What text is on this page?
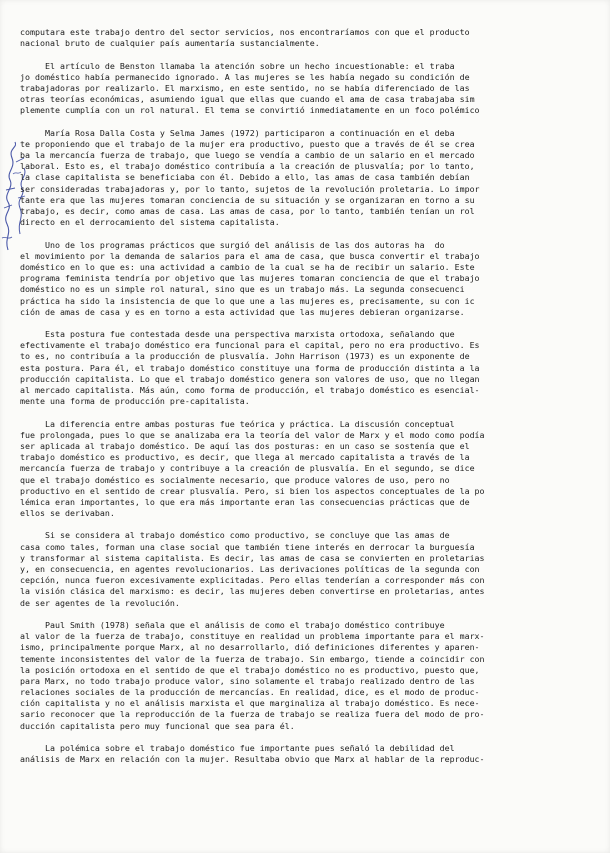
computara este trabajo dentro del sector servicios, nos encontraríamos con que el producto
nacional bruto de cualquier país aumentaría sustancialmente.
El artículo de Benston llamaba la atención sobre un hecho incuestionable: el traba
jo doméstico había permanecido ignorado. A las mujeres se les había negado su condición de
trabajadoras por realizarlo. El marxismo, en este sentido, no se había diferenciado de las
otras teorías económicas, asumiendo igual que ellas que cuando el ama de casa trabajaba sim
plemente cumplía con un rol natural. El tema se convirtió inmediatamente en un foco polémico
María Rosa Dalla Costa y Selma James (1972) participaron a continuación en el deba
te proponiendo que el trabajo de la mujer era productivo, puesto que a través de él se crea
ba la mercancía fuerza de trabajo, que luego se vendía a cambio de un salario en el mercado
laboral. Esto es, el trabajo doméstico contribuía a la creación de plusvalía; por lo tanto,
la clase capitalista se beneficiaba con él. Debido a ello, las amas de casa también debían
ser consideradas trabajadoras y, por lo tanto, sujetos de la revolución proletaria. Lo impor
tante era que las mujeres tomaran conciencia de su situación y se organizaran en torno a su
trabajo, es decir, como amas de casa. Las amas de casa, por lo tanto, también tenían un rol
directo en el derrocamiento del sistema capitalista.
Uno de los programas prácticos que surgió del análisis de las dos autoras ha  do
el movimiento por la demanda de salarios para el ama de casa, que busca convertir el trabajo
doméstico en lo que es: una actividad a cambio de la cual se ha de recibir un salario. Este
programa feminista tendría por objetivo que las mujeres tomaran conciencia de que el trabajo
doméstico no es un simple rol natural, sino que es un trabajo más. La segunda consecuenci
práctica ha sido la insistencia de que lo que une a las mujeres es, precisamente, su con ic
ción de amas de casa y es en torno a esta actividad que las mujeres debieran organizarse.
Esta postura fue contestada desde una perspectiva marxista ortodoxa, señalando que
efectivamente el trabajo doméstico era funcional para el capital, pero no era productivo. Es
to es, no contribuía a la producción de plusvalía. John Harrison (1973) es un exponente de
esta postura. Para él, el trabajo doméstico constituye una forma de producción distinta a la
producción capitalista. Lo que el trabajo doméstico genera son valores de uso, que no llegan
al mercado capitalista. Más aún, como forma de producción, el trabajo doméstico es esencial-
mente una forma de producción pre-capitalista.
La diferencia entre ambas posturas fue teórica y práctica. La discusión conceptual
fue prolongada, pues lo que se analizaba era la teoría del valor de Marx y el modo como podía
ser aplicada al trabajo doméstico. De aquí las dos posturas: en un caso se sostenía que el
trabajo doméstico es productivo, es decir, que llega al mercado capitalista a través de la
mercancía fuerza de trabajo y contribuye a la creación de plusvalía. En el segundo, se dice
que el trabajo doméstico es socialmente necesario, que produce valores de uso, pero no
productivo en el sentido de crear plusvalía. Pero, si bien los aspectos conceptuales de la po
lémica eran importantes, lo que era más importante eran las consecuencias prácticas que de
ellos se derivaban.
Si se considera al trabajo doméstico como productivo, se concluye que las amas de
casa como tales, forman una clase social que también tiene interés en derrocar la burguesía
y transformar al sistema capitalista. Es decir, las amas de casa se convierten en proletarias
y, en consecuencia, en agentes revolucionarios. Las derivaciones políticas de la segunda con
cepción, nunca fueron excesivamente explicitadas. Pero ellas tenderían a corresponder más con
la visión clásica del marxismo: es decir, las mujeres deben convertirse en proletarias, antes
de ser agentes de la revolución.
Paul Smith (1978) señala que el análisis de como el trabajo doméstico contribuye
al valor de la fuerza de trabajo, constituye en realidad un problema importante para el marx-
ismo, principalmente porque Marx, al no desarrollarlo, dió definiciones diferentes y aparen-
temente inconsistentes del valor de la fuerza de trabajo. Sin embargo, tiende a coincidir con
la posición ortodoxa en el sentido de que el trabajo doméstico no es productivo, puesto que,
para Marx, no todo trabajo produce valor, sino solamente el trabajo realizado dentro de las
relaciones sociales de la producción de mercancías. En realidad, dice, es el modo de produc-
ción capitalista y no el análisis marxista el que marginaliza al trabajo doméstico. Es nece-
sario reconocer que la reproducción de la fuerza de trabajo se realiza fuera del modo de pro-
ducción capitalista pero muy funcional que sea para él.
La polémica sobre el trabajo doméstico fue importante pues señaló la debilidad del
análisis de Marx en relación con la mujer. Resultaba obvio que Marx al hablar de la reproduc-
